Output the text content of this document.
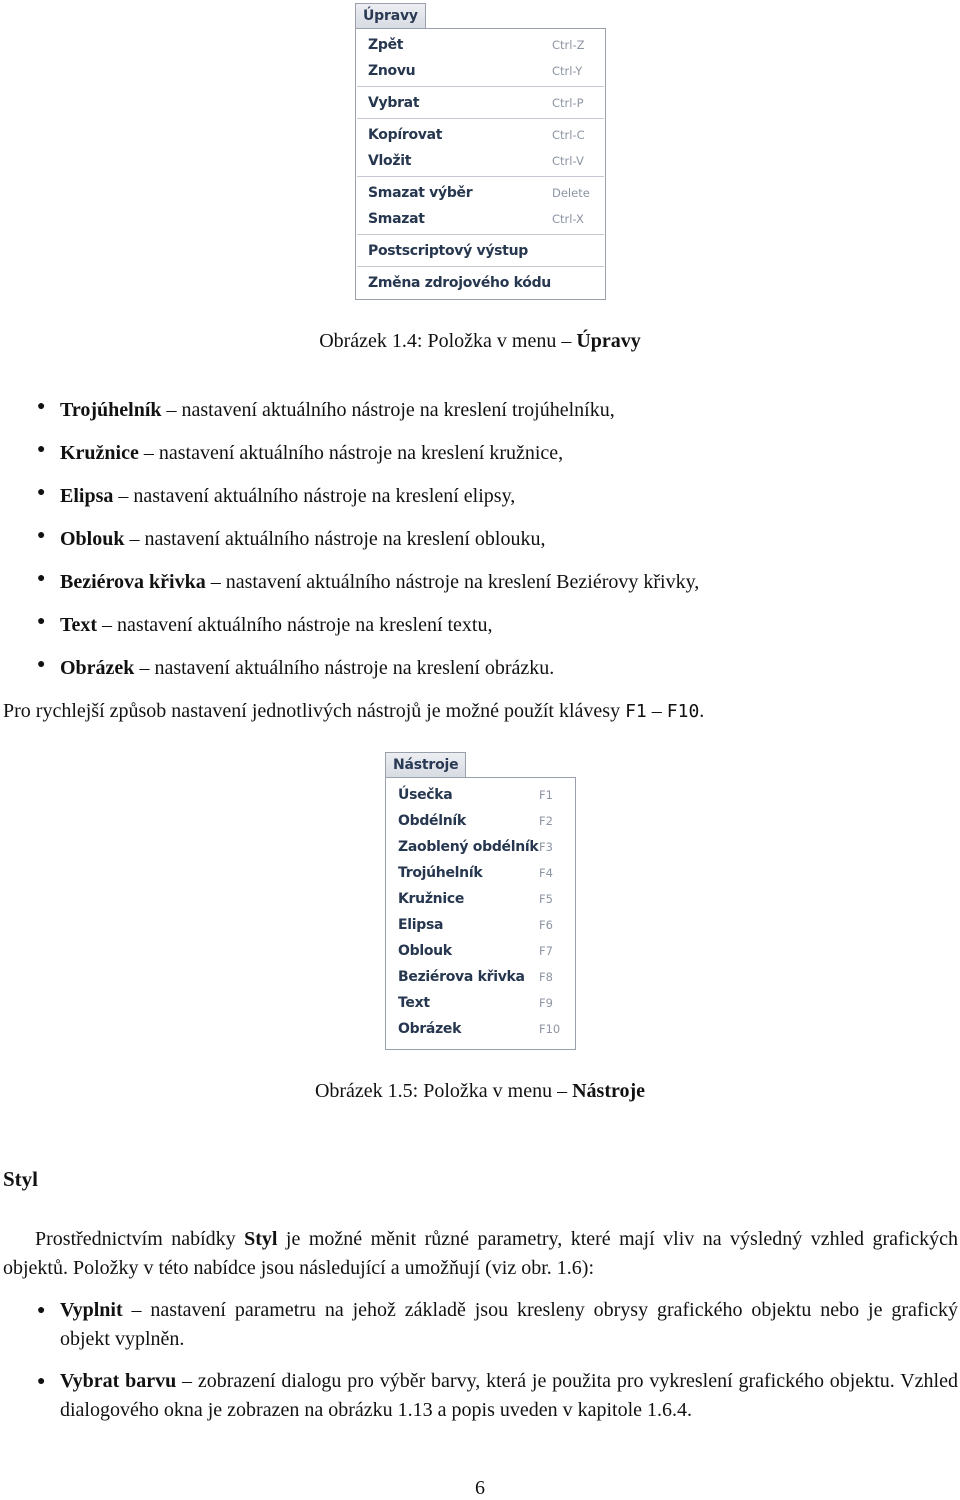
Úpravy
Zpět	Ctrl-Z
Znovu	Ctrl-Y
Vybrat	Ctrl-P
Kopírovat	Ctrl-C
Vložit	Ctrl-V
Smazat výběr	Delete
Smazat	Ctrl-X
Postscriptový výstup
Změna zdrojového kódu
Obrázek 1.4: Položka v menu – Úpravy
● Trojúhelník – nastavení aktuálního nástroje na kreslení trojúhelníku,
● Kružnice – nastavení aktuálního nástroje na kreslení kružnice,
● Elipsa – nastavení aktuálního nástroje na kreslení elipsy,
● Oblouk – nastavení aktuálního nástroje na kreslení oblouku,
● Beziérova křivka – nastavení aktuálního nástroje na kreslení Beziérovy křivky,
● Text – nastavení aktuálního nástroje na kreslení textu,
● Obrázek – nastavení aktuálního nástroje na kreslení obrázku.
Pro rychlejší způsob nastavení jednotlivých nástrojů je možné použít klávesy F1 – F10.
Nástroje
Úsečka	F1
Obdélník	F2
Zaoblený obdélník F3
Trojúhelník	F4
Kružnice	F5
Elipsa	F6
Oblouk	F7
Beziérova křivka F8
Text	F9
Obrázek	F10
Obrázek 1.5: Položka v menu – Nástroje
Styl
Prostřednictvím nabídky Styl je možné měnit různé parametry, které mají vliv na výsledný vzhled grafických objektů. Položky v této nabídce jsou následující a umožňují (viz obr. 1.6):
● Vyplnit – nastavení parametru na jehož základě jsou kresleny obrysy grafického objektu nebo je grafický objekt vyplněn.
● Vybrat barvu – zobrazení dialogu pro výběr barvy, která je použita pro vykreslení grafického objektu. Vzhled dialogového okna je zobrazen na obrázku 1.13 a popis uveden v kapitole 1.6.4.
6
